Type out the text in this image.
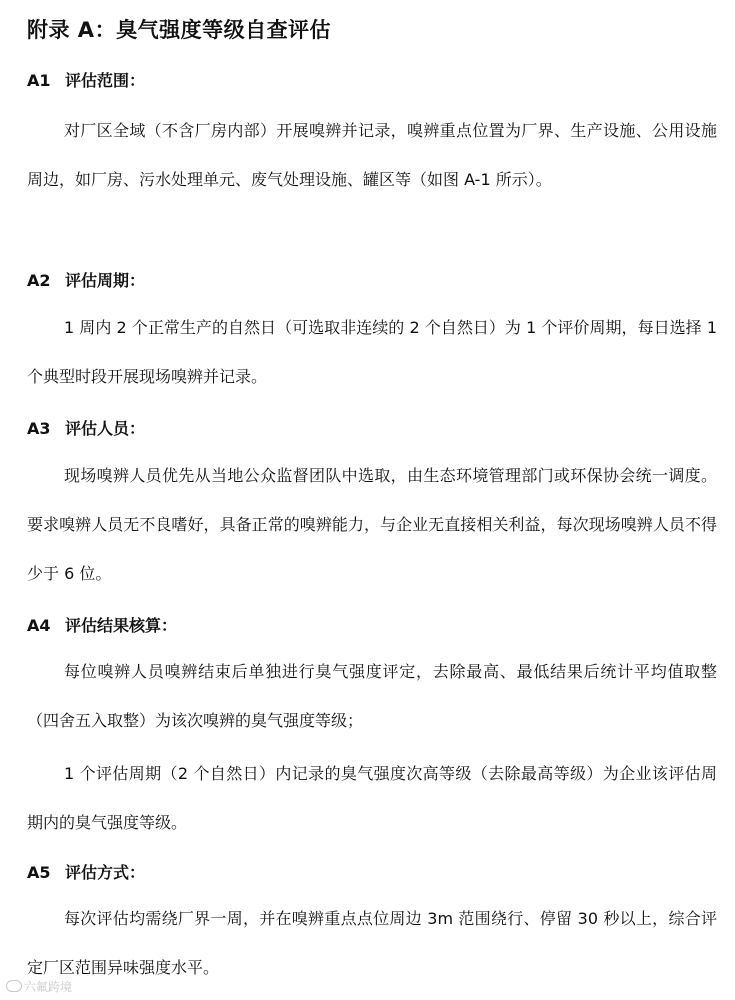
附录 A：臭气强度等级自查评估
A1 评估范围：

对厂区全域（不含厂房内部）开展嗅辨并记录，嗅辨重点位置为厂界、生产设施、公用设施周边，如厂房、污水处理单元、废气处理设施、罐区等（如图 A-1 所示）。

A2 评估周期：

1 周内 2 个正常生产的自然日（可选取非连续的 2 个自然日）为 1 个评价周期，每日选择 1 个典型时段开展现场嗅辨并记录。

A3 评估人员：

现场嗅辨人员优先从当地公众监督团队中选取，由生态环境管理部门或环保协会统一调度。要求嗅辨人员无不良嗜好，具备正常的嗅辨能力，与企业无直接相关利益，每次现场嗅辨人员不得少于 6 位。

A4 评估结果核算：

每位嗅辨人员嗅辨结束后单独进行臭气强度评定，去除最高、最低结果后统计平均值取整（四舍五入取整）为该次嗅辨的臭气强度等级；

1 个评估周期（2 个自然日）内记录的臭气强度次高等级（去除最高等级）为企业该评估周期内的臭气强度等级。

A5 评估方式：

每次评估均需绕厂界一周，并在嗅辨重点点位周边 3m 范围绕行、停留 30 秒以上，综合评定厂区范围异味强度水平。

六氟跨境
